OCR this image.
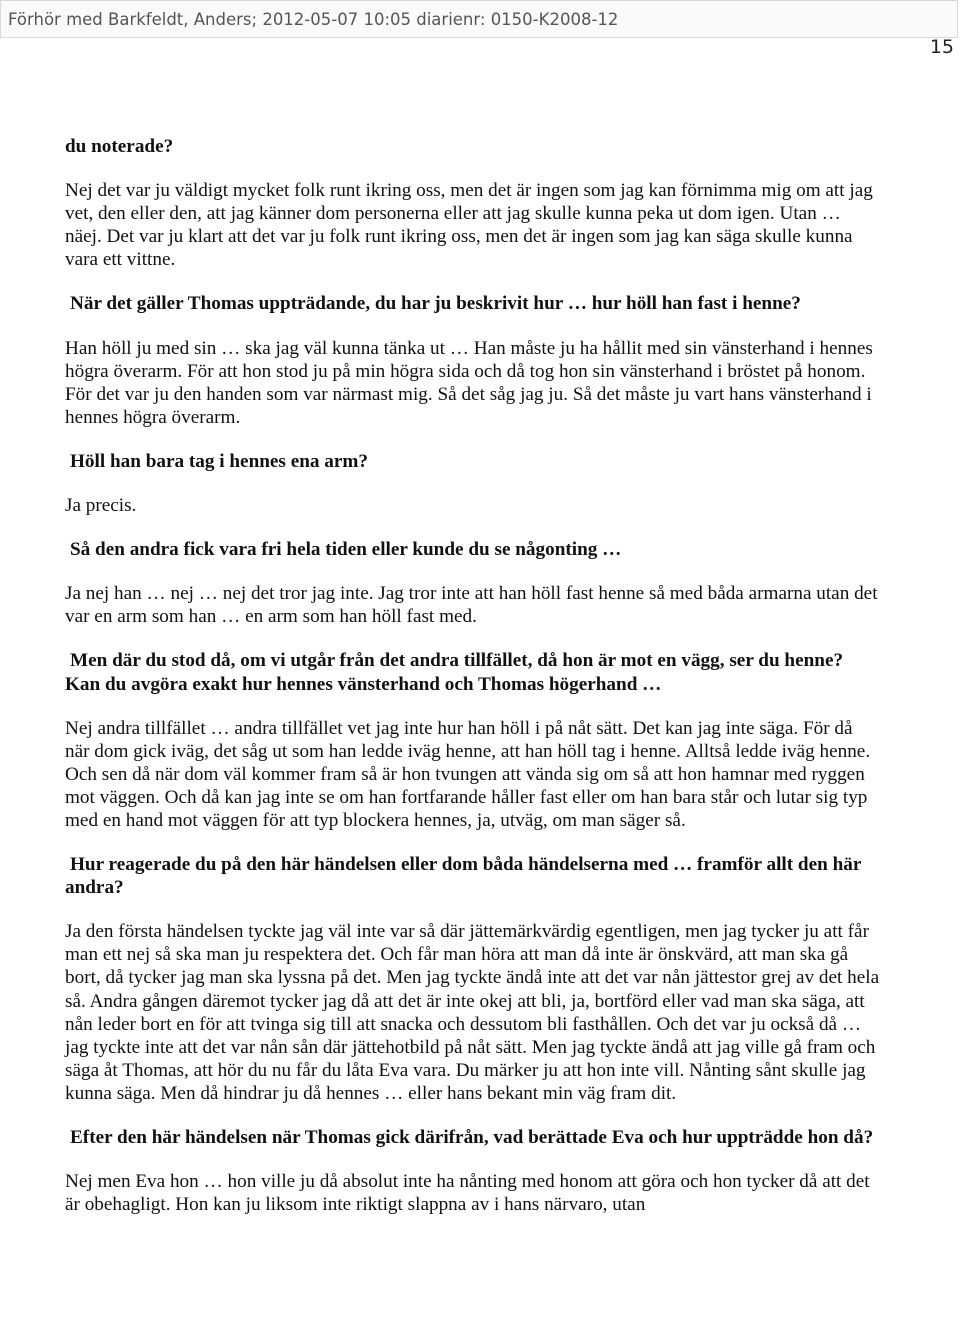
Förhör med Barkfeldt, Anders; 2012-05-07 10:05 diarienr: 0150-K2008-12
15

du noterade?

Nej det var ju väldigt mycket folk runt ikring oss, men det är ingen som jag kan förnimma mig om att jag vet, den eller den, att jag känner dom personerna eller att jag skulle kunna peka ut dom igen. Utan … näej. Det var ju klart att det var ju folk runt ikring oss, men det är ingen som jag kan säga skulle kunna vara ett vittne.

När det gäller Thomas uppträdande, du har ju beskrivit hur … hur höll han fast i henne?

Han höll ju med sin … ska jag väl kunna tänka ut … Han måste ju ha hållit med sin vänsterhand i hennes högra överarm. För att hon stod ju på min högra sida och då tog hon sin vänsterhand i bröstet på honom. För det var ju den handen som var närmast mig. Så det såg jag ju. Så det måste ju vart hans vänsterhand i hennes högra överarm.

Höll han bara tag i hennes ena arm?

Ja precis.

Så den andra fick vara fri hela tiden eller kunde du se någonting …

Ja nej han … nej … nej det tror jag inte. Jag tror inte att han höll fast henne så med båda armarna utan det var en arm som han … en arm som han höll fast med.

Men där du stod då, om vi utgår från det andra tillfället, då hon är mot en vägg, ser du henne? Kan du avgöra exakt hur hennes vänsterhand och Thomas högerhand …

Nej andra tillfället … andra tillfället vet jag inte hur han höll i på nåt sätt. Det kan jag inte säga. För då när dom gick iväg, det såg ut som han ledde iväg henne, att han höll tag i henne. Alltså ledde iväg henne. Och sen då när dom väl kommer fram så är hon tvungen att vända sig om så att hon hamnar med ryggen mot väggen. Och då kan jag inte se om han fortfarande håller fast eller om han bara står och lutar sig typ med en hand mot väggen för att typ blockera hennes, ja, utväg, om man säger så.

Hur reagerade du på den här händelsen eller dom båda händelserna med … framför allt den här andra?

Ja den första händelsen tyckte jag väl inte var så där jättemärkvärdig egentligen, men jag tycker ju att får man ett nej så ska man ju respektera det. Och får man höra att man då inte är önskvärd, att man ska gå bort, då tycker jag man ska lyssna på det. Men jag tyckte ändå inte att det var nån jättestor grej av det hela så. Andra gången däremot tycker jag då att det är inte okej att bli, ja, bortförd eller vad man ska säga, att nån leder bort en för att tvinga sig till att snacka och dessutom bli fasthållen. Och det var ju också då … jag tyckte inte att det var nån sån där jättehotbild på nåt sätt. Men jag tyckte ändå att jag ville gå fram och säga åt Thomas, att hör du nu får du låta Eva vara. Du märker ju att hon inte vill. Nånting sånt skulle jag kunna säga. Men då hindrar ju då hennes … eller hans bekant min väg fram dit.

Efter den här händelsen när Thomas gick därifrån, vad berättade Eva och hur uppträdde hon då?

Nej men Eva hon … hon ville ju då absolut inte ha nånting med honom att göra och hon tycker då att det är obehagligt. Hon kan ju liksom inte riktigt slappna av i hans närvaro, utan
